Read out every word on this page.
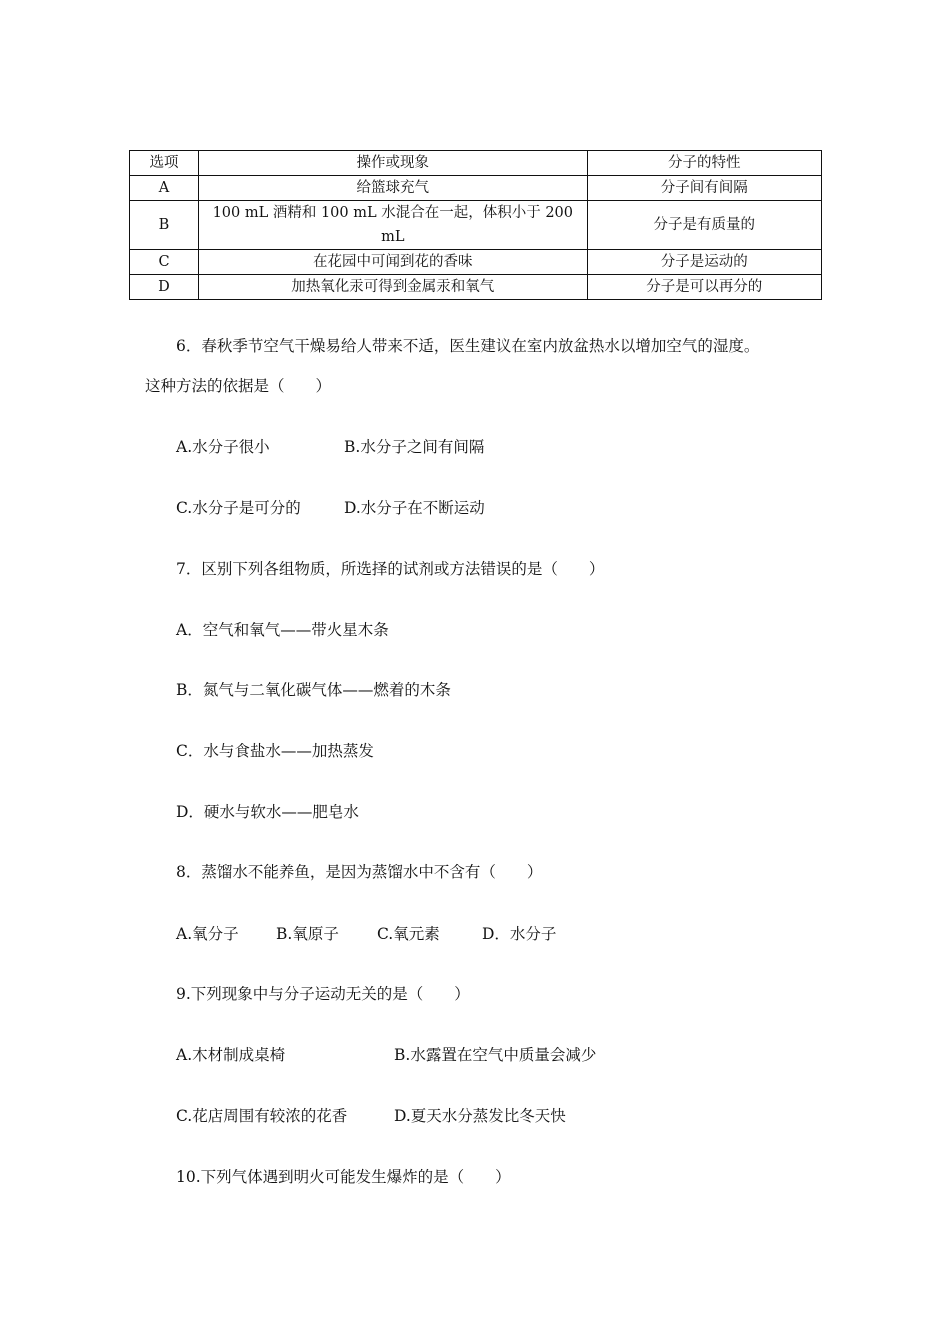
选项	操作或现象	分子的特性
A	给篮球充气	分子间有间隔
B	100 mL 酒精和 100 mL 水混合在一起，体积小于 200 mL	分子是有质量的
C	在花园中可闻到花的香味	分子是运动的
D	加热氧化汞可得到金属汞和氧气	分子是可以再分的
6．春秋季节空气干燥易给人带来不适，医生建议在室内放盆热水以增加空气的湿度。
这种方法的依据是（　　）
A.水分子很小	B.水分子之间有间隔
C.水分子是可分的	D.水分子在不断运动
7．区别下列各组物质，所选择的试剂或方法错误的是（　　）
A．空气和氧气——带火星木条
B．氮气与二氧化碳气体——燃着的木条
C．水与食盐水——加热蒸发
D．硬水与软水——肥皂水
8．蒸馏水不能养鱼，是因为蒸馏水中不含有（　　）
A.氧分子 B.氧原子 C.氧元素	D．水分子
9.下列现象中与分子运动无关的是（　　）
A.木材制成桌椅	B.水露置在空气中质量会减少
C.花店周围有较浓的花香	D.夏天水分蒸发比冬天快
10.下列气体遇到明火可能发生爆炸的是（　　）
